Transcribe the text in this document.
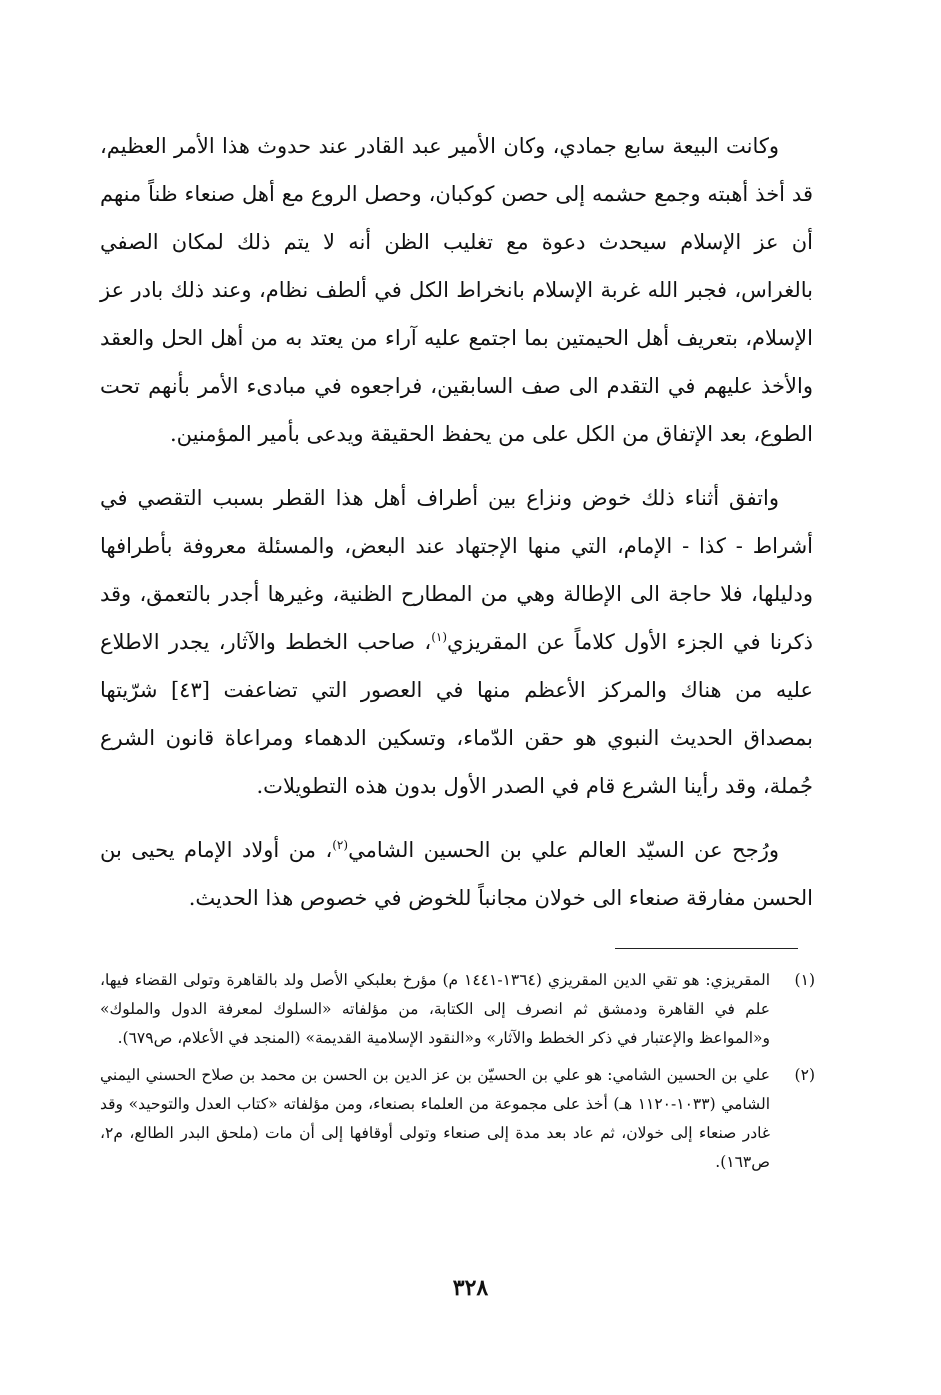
وكانت البيعة سابع جمادي، وكان الأمير عبد القادر عند حدوث هذا الأمر العظيم، قد أخذ أهبته وجمع حشمه إلى حصن كوكبان، وحصل الروع مع أهل صنعاء ظناً منهم أن عز الإسلام سيحدث دعوة مع تغليب الظن أنه لا يتم ذلك لمكان الصفي بالغراس، فجبر الله غربة الإسلام بانخراط الكل في ألطف نظام، وعند ذلك بادر عز الإسلام، بتعريف أهل الحيمتين بما اجتمع عليه آراء من يعتد به من أهل الحل والعقد والأخذ عليهم في التقدم الى صف السابقين، فراجعوه في مبادىء الأمر بأنهم تحت الطوع، بعد الإتفاق من الكل على من يحفظ الحقيقة ويدعى بأمير المؤمنين.

واتفق أثناء ذلك خوض ونزاع بين أطراف أهل هذا القطر بسبب التقصي في أشراط - كذا - الإمام، التي منها الإجتهاد عند البعض، والمسئلة معروفة بأطرافها ودليلها، فلا حاجة الى الإطالة وهي من المطارح الظنية، وغيرها أجدر بالتعمق، وقد ذكرنا في الجزء الأول كلاماً عن المقريزي$^{(١)}$، صاحب الخطط والآثار، يجدر الاطلاع عليه من هناك والمركز الأعظم منها في العصور التي تضاعفت [٤٣] شرّيتها بمصداق الحديث النبوي هو حقن الدّماء، وتسكين الدهماء ومراعاة قانون الشرع جُملة، وقد رأينا الشرع قام في الصدر الأول بدون هذه التطويلات.

ورُجح عن السيّد العالم علي بن الحسين الشامي$^{(٢)}$، من أولاد الإمام يحيى بن الحسن مفارقة صنعاء الى خولان مجانباً للخوض في خصوص هذا الحديث.

(١)
المقريزي: هو تقي الدين المقريزي (١٣٦٤-١٤٤١ م) مؤرخ بعلبكي الأصل ولد بالقاهرة وتولى القضاء فيها، علم في القاهرة ودمشق ثم انصرف إلى الكتابة، من مؤلفاته «السلوك لمعرفة الدول والملوك» و«المواعظ والإعتبار في ذكر الخطط والآثار» و«النقود الإسلامية القديمة» (المنجد في الأعلام، ص٦٧٩).
(٢)
علي بن الحسين الشامي: هو علي بن الحسيّن بن عز الدين بن الحسن بن محمد بن صلاح الحسني اليمني الشامي (١٠٣٣-١١٢٠ هـ) أخذ على مجموعة من العلماء بصنعاء، ومن مؤلفاته «كتاب العدل والتوحيد» وقد غادر صنعاء إلى خولان، ثم عاد بعد مدة إلى صنعاء وتولى أوقافها إلى أن مات (ملحق البدر الطالع، م٢، ص١٦٣).
٣٢٨
